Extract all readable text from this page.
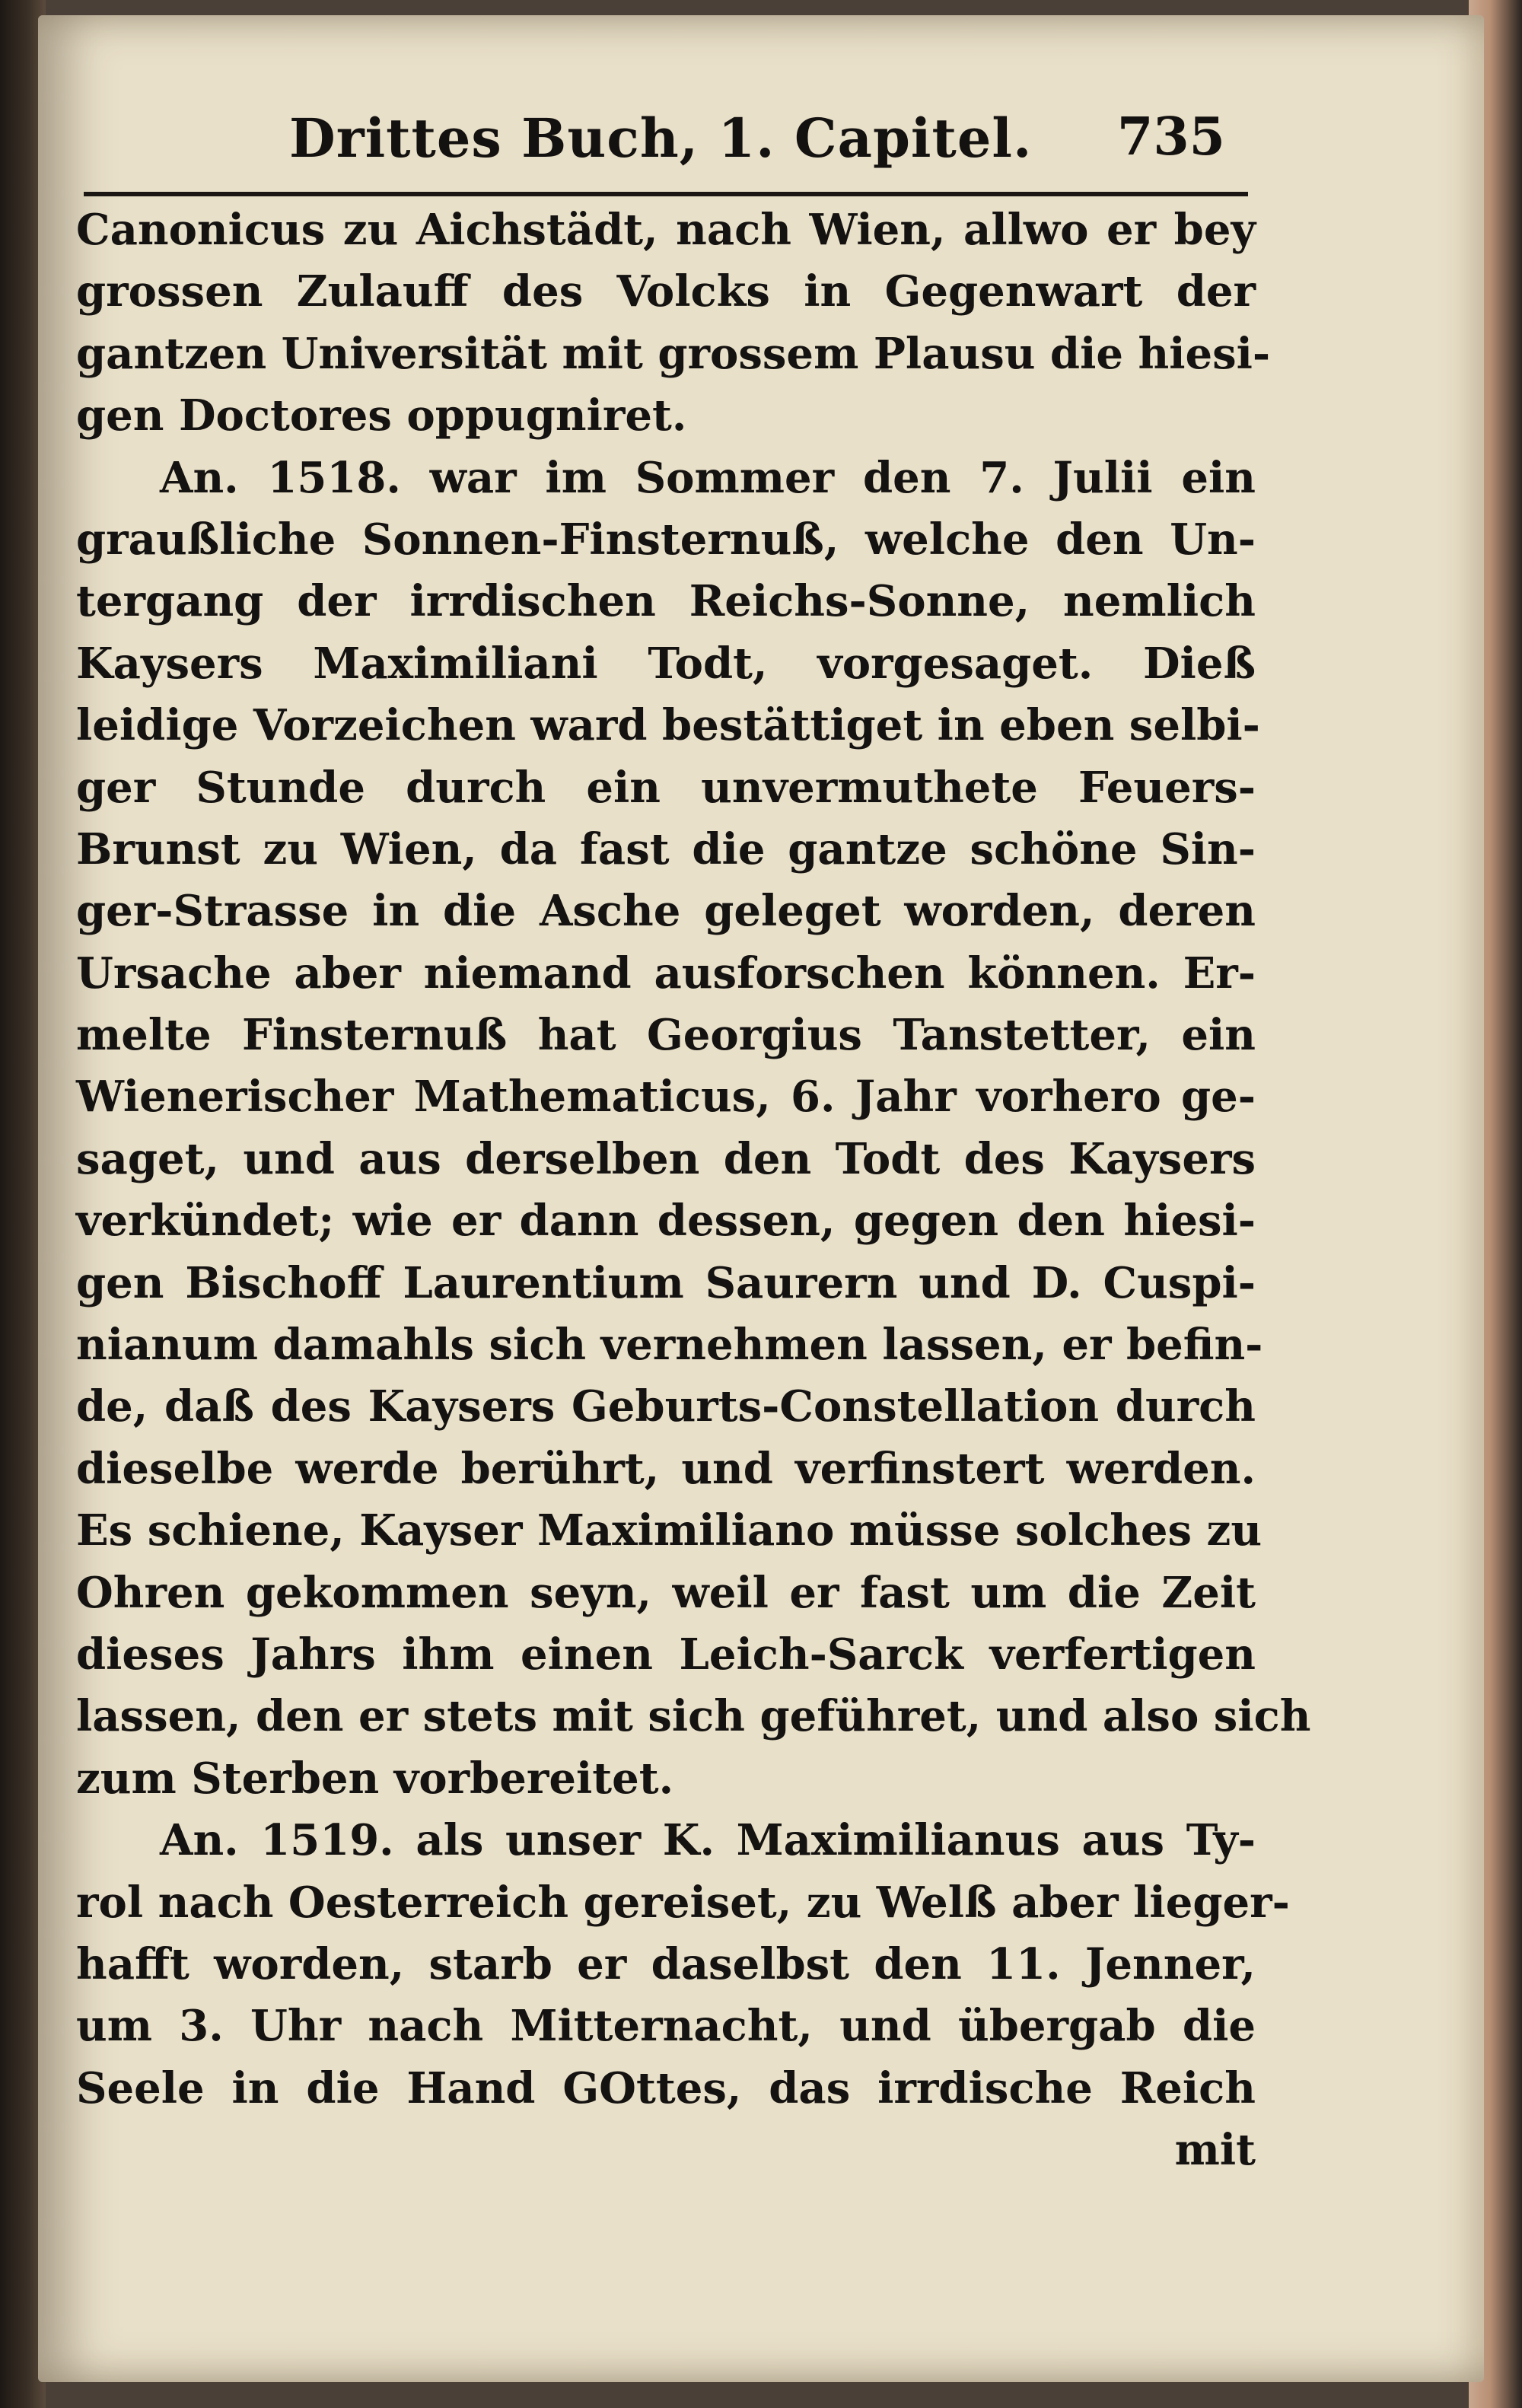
Drittes Buch, 1. Capitel. 735
Canonicus zu Aichstädt, nach Wien, allwo er bey
grossen Zulauff des Volcks in Gegenwart der
gantzen Universität mit grossem Plausu die hiesi-
gen Doctores oppugniret.
An. 1518. war im Sommer den 7. Julii ein
graußliche Sonnen-Finsternuß, welche den Un-
tergang der irrdischen Reichs-Sonne, nemlich
Kaysers Maximiliani Todt, vorgesaget. Dieß
leidige Vorzeichen ward bestättiget in eben selbi-
ger Stunde durch ein unvermuthete Feuers-
Brunst zu Wien, da fast die gantze schöne Sin-
ger-Strasse in die Asche geleget worden, deren
Ursache aber niemand ausforschen können. Er-
melte Finsternuß hat Georgius Tanstetter, ein
Wienerischer Mathematicus, 6. Jahr vorhero ge-
saget, und aus derselben den Todt des Kaysers
verkündet; wie er dann dessen, gegen den hiesi-
gen Bischoff Laurentium Saurern und D. Cuspi-
nianum damahls sich vernehmen lassen, er befin-
de, daß des Kaysers Geburts-Constellation durch
dieselbe werde berührt, und verfinstert werden.
Es schiene, Kayser Maximiliano müsse solches zu
Ohren gekommen seyn, weil er fast um die Zeit
dieses Jahrs ihm einen Leich-Sarck verfertigen
lassen, den er stets mit sich geführet, und also sich
zum Sterben vorbereitet.
An. 1519. als unser K. Maximilianus aus Ty-
rol nach Oesterreich gereiset, zu Welß aber lieger-
hafft worden, starb er daselbst den 11. Jenner,
um 3. Uhr nach Mitternacht, und übergab die
Seele in die Hand GOttes, das irrdische Reich
mit
